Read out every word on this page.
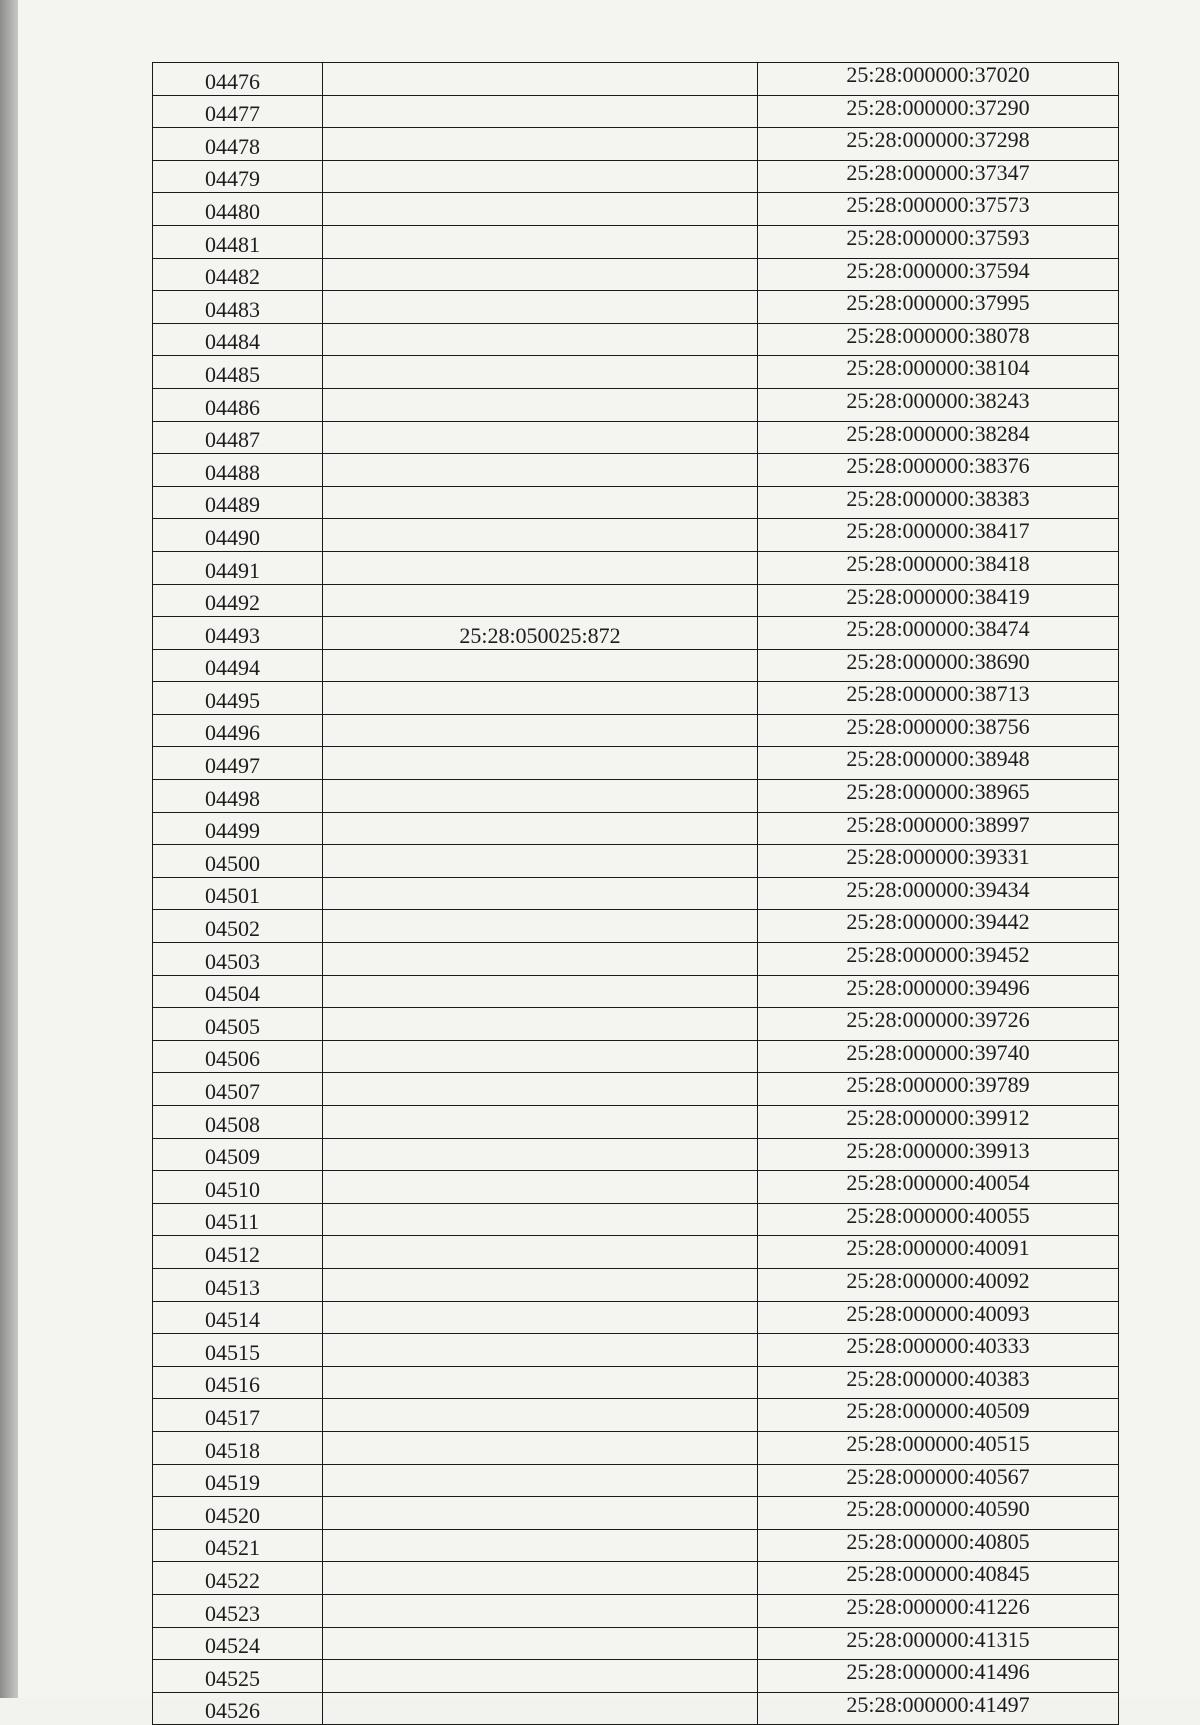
04476		25:28:000000:37020
04477		25:28:000000:37290
04478		25:28:000000:37298
04479		25:28:000000:37347
04480		25:28:000000:37573
04481		25:28:000000:37593
04482		25:28:000000:37594
04483		25:28:000000:37995
04484		25:28:000000:38078
04485		25:28:000000:38104
04486		25:28:000000:38243
04487		25:28:000000:38284
04488		25:28:000000:38376
04489		25:28:000000:38383
04490		25:28:000000:38417
04491		25:28:000000:38418
04492		25:28:000000:38419
04493	25:28:050025:872	25:28:000000:38474
04494		25:28:000000:38690
04495		25:28:000000:38713
04496		25:28:000000:38756
04497		25:28:000000:38948
04498		25:28:000000:38965
04499		25:28:000000:38997
04500		25:28:000000:39331
04501		25:28:000000:39434
04502		25:28:000000:39442
04503		25:28:000000:39452
04504		25:28:000000:39496
04505		25:28:000000:39726
04506		25:28:000000:39740
04507		25:28:000000:39789
04508		25:28:000000:39912
04509		25:28:000000:39913
04510		25:28:000000:40054
04511		25:28:000000:40055
04512		25:28:000000:40091
04513		25:28:000000:40092
04514		25:28:000000:40093
04515		25:28:000000:40333
04516		25:28:000000:40383
04517		25:28:000000:40509
04518		25:28:000000:40515
04519		25:28:000000:40567
04520		25:28:000000:40590
04521		25:28:000000:40805
04522		25:28:000000:40845
04523		25:28:000000:41226
04524		25:28:000000:41315
04525		25:28:000000:41496
04526		25:28:000000:41497
